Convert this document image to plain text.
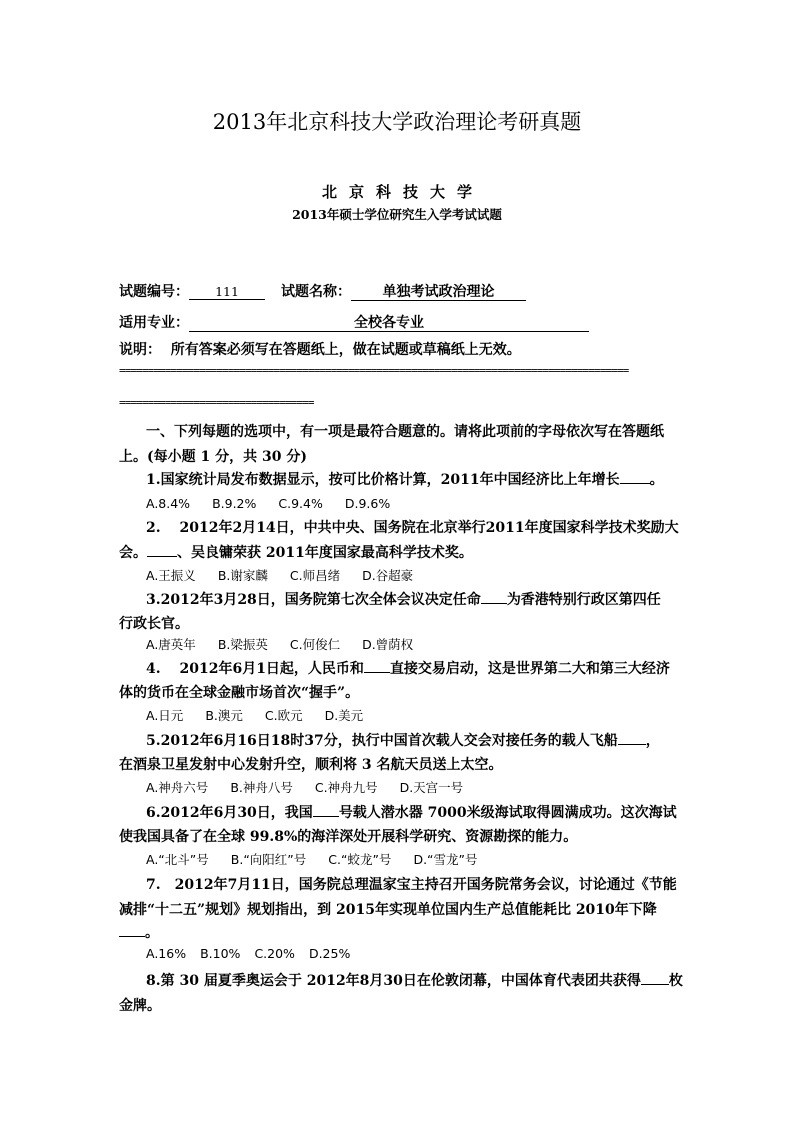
2013年北京科技大学政治理论考研真题
北京科技大学
2013年硕士学位研究生入学考试试题
试题编号： 111	试题名称： 单独考试政治理论
适用专业：	全校各专业
说明： 所有答案必须写在答题纸上，做在试题或草稿纸上无效。
=========================================================================================
==================================
一、下列每题的选项中，有一项是最符合题意的。请将此项前的字母依次写在答题纸
上。(每小题 1 分，共 30 分)
1.国家统计局发布数据显示，按可比价格计算，2011年中国经济比上年增长 。
A.8.4% B.9.2% C.9.4% D.9.6%
2.　 2012年2月14日，中共中央、国务院在北京举行2011年度国家科学技术奖励大
会。 、吴良镛荣获 2011年度国家最高科学技术奖。
A.王振义 B.谢家麟 C.师昌绪 D.谷超豪
3.2012年3月28日，国务院第七次全体会议决定任命 为香港特别行政区第四任
行政长官。
A.唐英年 B.梁振英 C.何俊仁 D.曾荫权
4.　 2012年6月1日起，人民币和 直接交易启动，这是世界第二大和第三大经济
体的货币在全球金融市场首次“握手”。
A.日元 B.澳元 C.欧元 D.美元
5.2012年6月16日18时37分，执行中国首次载人交会对接任务的载人飞船 ，
在酒泉卫星发射中心发射升空，顺利将 3 名航天员送上太空。
A.神舟六号 B.神舟八号 C.神舟九号 D.天宫一号
6.2012年6月30日，我国 号载人潜水器 7000米级海试取得圆满成功。这次海试
使我国具备了在全球 99.8%的海洋深处开展科学研究、资源勘探的能力。
A.“北斗”号 B.“向阳红”号 C.“蛟龙”号 D.“雪龙”号
7.　2012年7月11日，国务院总理温家宝主持召开国务院常务会议，讨论通过《节能
减排“十二五”规划》规划指出，到 2015年实现单位国内生产总值能耗比 2010年下降
。
A.16% B.10% C.20% D.25%
8.第 30 届夏季奥运会于 2012年8月30日在伦敦闭幕，中国体育代表团共获得 枚
金牌。
